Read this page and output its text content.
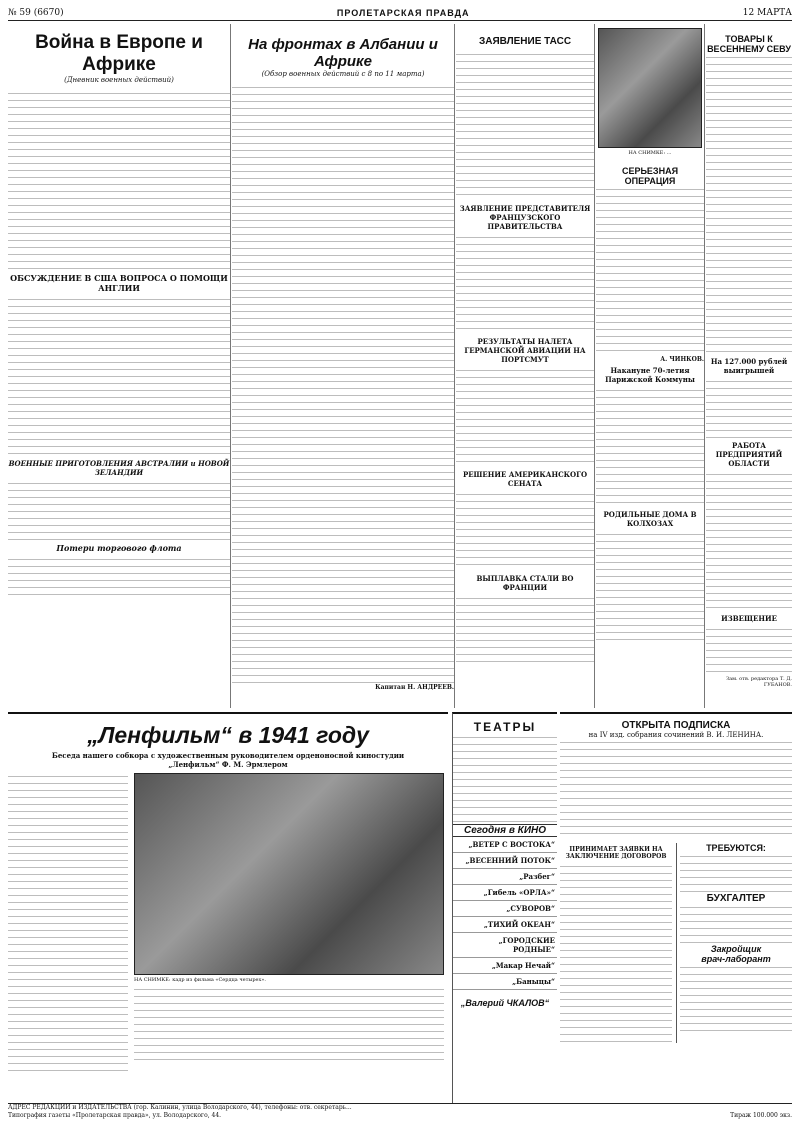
№ 59 (6670)	ПРОЛЕТАРСКАЯ ПРАВДА	12 МАРТА
Война в Европе и Африке
(Дневник военных действий)
ОБСУЖДЕНИЕ В США ВОПРОСА О ПОМОЩИ АНГЛИИ
ВОЕННЫЕ ПРИГОТОВЛЕНИЯ АВСТРАЛИИ и НОВОЙ ЗЕЛАНДИИ
Потери торгового флота
На фронтах в Албании и Африке
(Обзор военных действий с 8 по 11 марта)
Капитан Н. АНДРЕЕВ.
ЗАЯВЛЕНИЕ ТАСС
ЗАЯВЛЕНИЕ ПРЕДСТАВИТЕЛЯ ФРАНЦУЗСКОГО ПРАВИТЕЛЬСТВА
РЕЗУЛЬТАТЫ НАЛЕТА ГЕРМАНСКОЙ АВИАЦИИ НА ПОРТСМУТ
РЕШЕНИЕ АМЕРИКАНСКОГО СЕНАТА
ВЫПЛАВКА СТАЛИ ВО ФРАНЦИИ
НА СНИМКЕ: ...
СЕРЬЕЗНАЯ ОПЕРАЦИЯ
А. ЧИНКОВ.
Накануне 70-летия Парижской Коммуны
РОДИЛЬНЫЕ ДОМА В КОЛХОЗАХ
ТОВАРЫ К ВЕСЕННЕМУ СЕВУ
На 127.000 рублей выигрышей
РАБОТА ПРЕДПРИЯТИЙ ОБЛАСТИ
ИЗВЕЩЕНИЕ
Зам. отв. редактора Т. Д. ГУБАНОВ.
„Ленфильм“ в 1941 году
Беседа нашего собкора с художественным руководителем орденоносной киностудии „Ленфильм“ Ф. М. Эрмлером
НА СНИМКЕ: кадр из фильма «Сердца четырех».
ТЕАТРЫ
Сегодня в КИНО
„ВЕТЕР С ВОСТОКА“
„ВЕСЕННИЙ ПОТОК“
„Разбег“
„Гибель «ОРЛА»“
„СУВОРОВ“
„ТИХИЙ ОКЕАН“
„ГОРОДСКИЕ РОДНЫЕ“
„Макар Нечай“
„Баныцы“
„Валерий ЧКАЛОВ“
ОТКРЫТА ПОДПИСКА
на IV изд. собрания сочинений В. И. ЛЕНИНА.
ПРИНИМАЕТ ЗАЯВКИ НА ЗАКЛЮЧЕНИЕ ДОГОВОРОВ
ТРЕБУЮТСЯ:
БУХГАЛТЕР
Закройщик
врач-лаборант
АДРЕС РЕДАКЦИИ и ИЗДАТЕЛЬСТВА (гор. Калинин, улица Володарского, 44), телефоны: отв. секретарь...
Типография газеты «Пролетарская правда», ул. Володарского, 44.	Тираж 100.000 экз.
